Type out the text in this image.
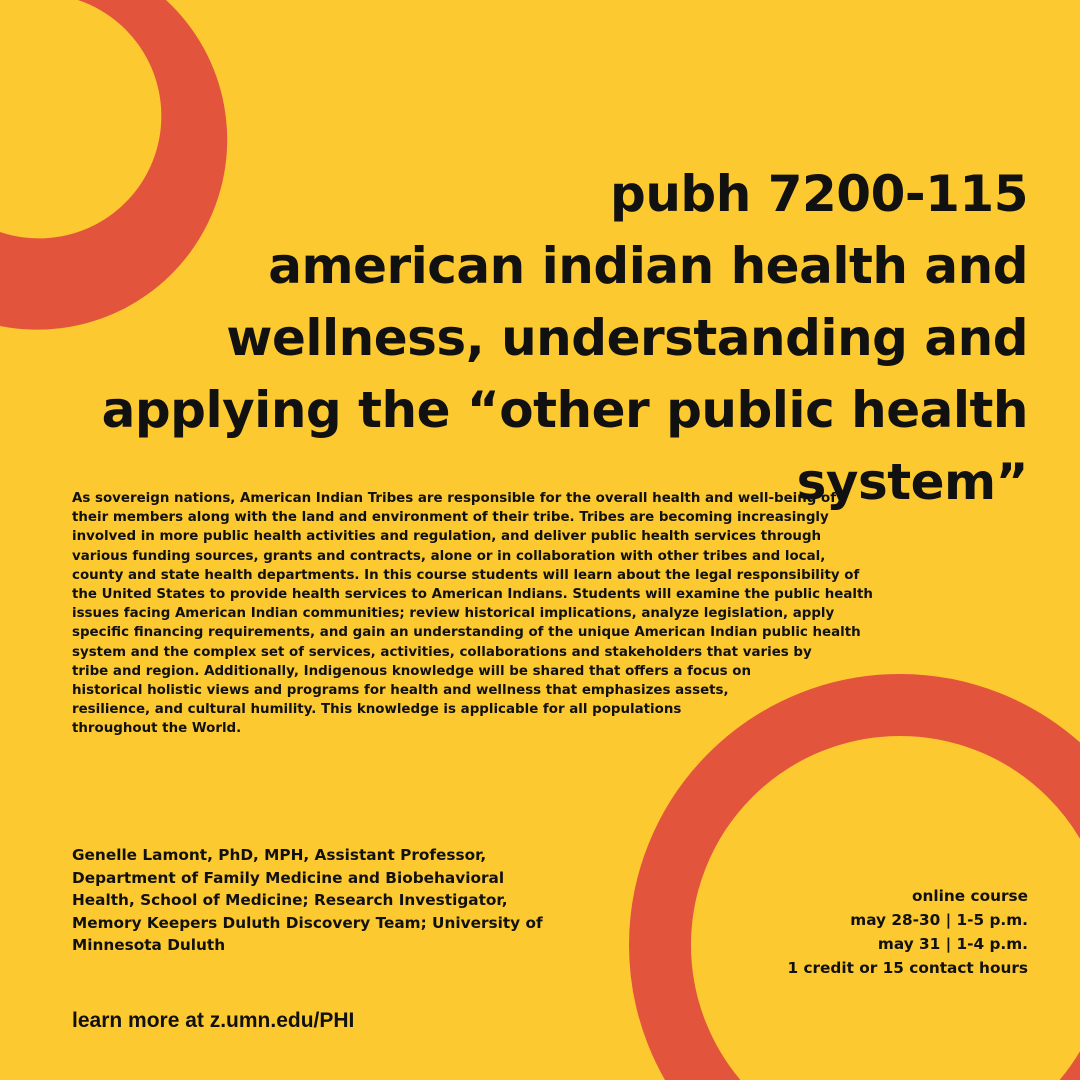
pubh 7200-115
american indian health and
wellness, understanding and
applying the “other public health
system”
As sovereign nations, American Indian Tribes are responsible for the overall health and well-being of
their members along with the land and environment of their tribe. Tribes are becoming increasingly
involved in more public health activities and regulation, and deliver public health services through
various funding sources, grants and contracts, alone or in collaboration with other tribes and local,
county and state health departments. In this course students will learn about the legal responsibility of
the United States to provide health services to American Indians. Students will examine the public health
issues facing American Indian communities; review historical implications, analyze legislation, apply
specific financing requirements, and gain an understanding of the unique American Indian public health
system and the complex set of services, activities, collaborations and stakeholders that varies by
tribe and region. Additionally, Indigenous knowledge will be shared that offers a focus on
historical holistic views and programs for health and wellness that emphasizes assets,
resilience, and cultural humility. This knowledge is applicable for all populations
throughout the World.
Genelle Lamont, PhD, MPH, Assistant Professor,
Department of Family Medicine and Biobehavioral
Health, School of Medicine; Research Investigator,
Memory Keepers Duluth Discovery Team; University of
Minnesota Duluth
learn more at z.umn.edu/PHI
online course
may 28-30 | 1-5 p.m.
may 31 | 1-4 p.m.
1 credit or 15 contact hours
